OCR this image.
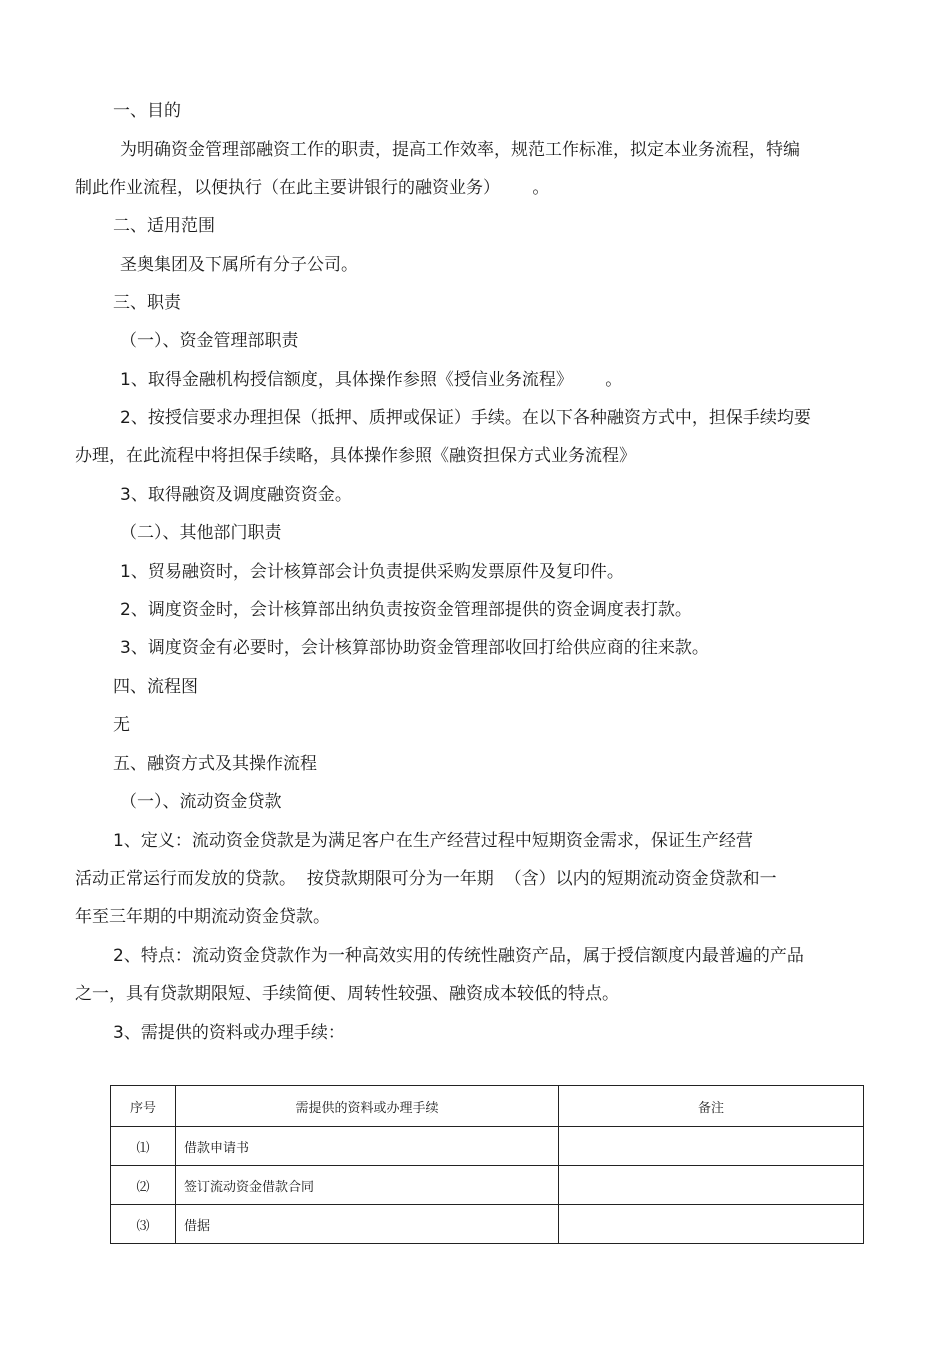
一、目的
为明确资金管理部融资工作的职责，提高工作效率，规范工作标准，拟定本业务流程，特编
制此作业流程，以便执行（在此主要讲银行的融资业务）      。
二、适用范围
圣奥集团及下属所有分子公司。
三、职责
（一）、资金管理部职责
1、取得金融机构授信额度，具体操作参照《授信业务流程》      。
2、按授信要求办理担保（抵押、质押或保证）手续。在以下各种融资方式中，担保手续均要
办理，在此流程中将担保手续略，具体操作参照《融资担保方式业务流程》
3、取得融资及调度融资资金。
（二）、其他部门职责
1、贸易融资时，会计核算部会计负责提供采购发票原件及复印件。
2、调度资金时，会计核算部出纳负责按资金管理部提供的资金调度表打款。
3、调度资金有必要时，会计核算部协助资金管理部收回打给供应商的往来款。
四、流程图
无
五、融资方式及其操作流程
（一）、流动资金贷款
1、定义：流动资金贷款是为满足客户在生产经营过程中短期资金需求，保证生产经营
活动正常运行而发放的贷款。  按贷款期限可分为一年期  （含）以内的短期流动资金贷款和一
年至三年期的中期流动资金贷款。
2、特点：流动资金贷款作为一种高效实用的传统性融资产品，属于授信额度内最普遍的产品
之一，具有贷款期限短、手续简便、周转性较强、融资成本较低的特点。
3、需提供的资料或办理手续：
序号	需提供的资料或办理手续	备注
⑴	借款申请书	
⑵	签订流动资金借款合同	
⑶	借据	
